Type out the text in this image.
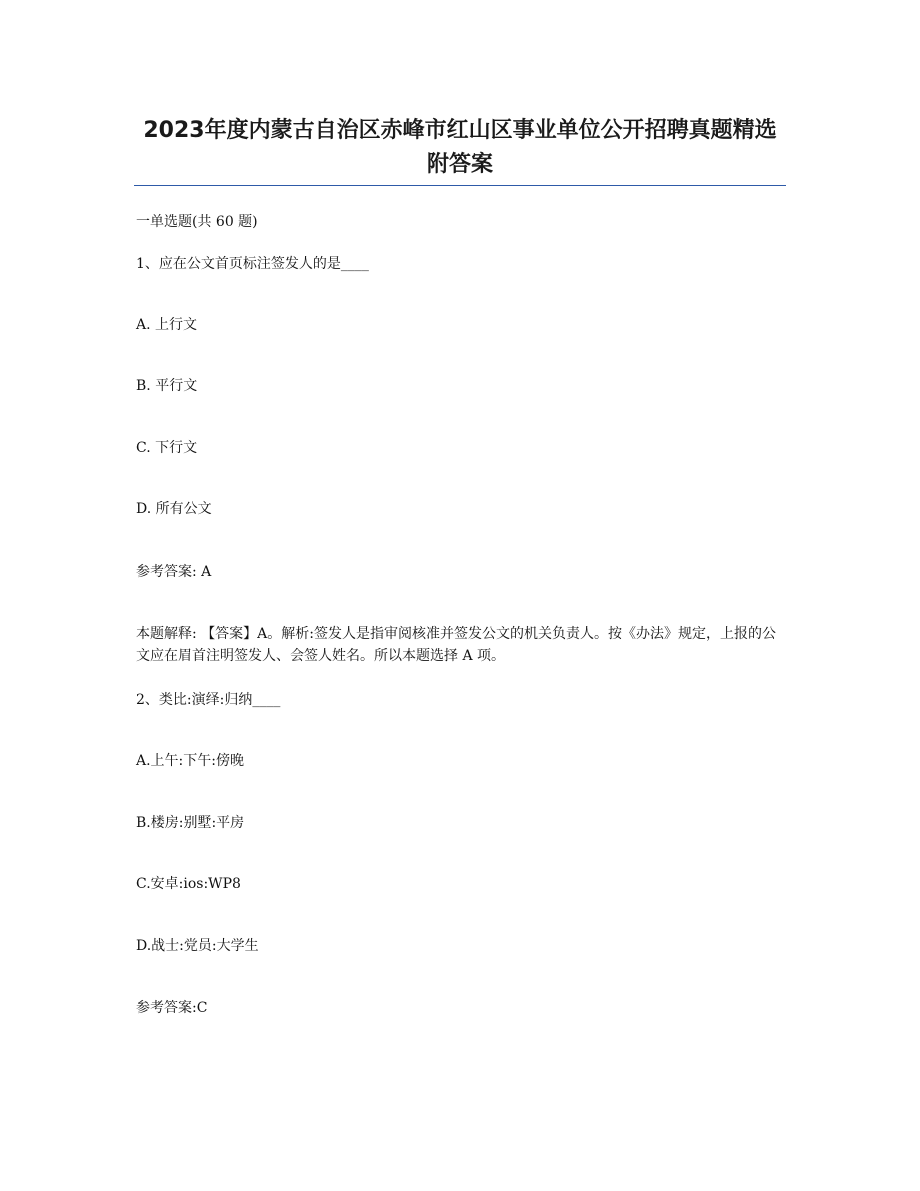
2023年度内蒙古自治区赤峰市红山区事业单位公开招聘真题精选附答案

一单选题(共 60 题)

1、应在公文首页标注签发人的是____

A. 上行文

B. 平行文

C. 下行文

D. 所有公文

参考答案: A

本题解释: 【答案】A。解析:签发人是指审阅核准并签发公文的机关负责人。按《办法》规定，上报的公文应在眉首注明签发人、会签人姓名。所以本题选择 A 项。

2、类比:演绎:归纳____

A.上午:下午:傍晚

B.楼房:别墅:平房

C.安卓:ios:WP8

D.战士:党员:大学生

参考答案:C
